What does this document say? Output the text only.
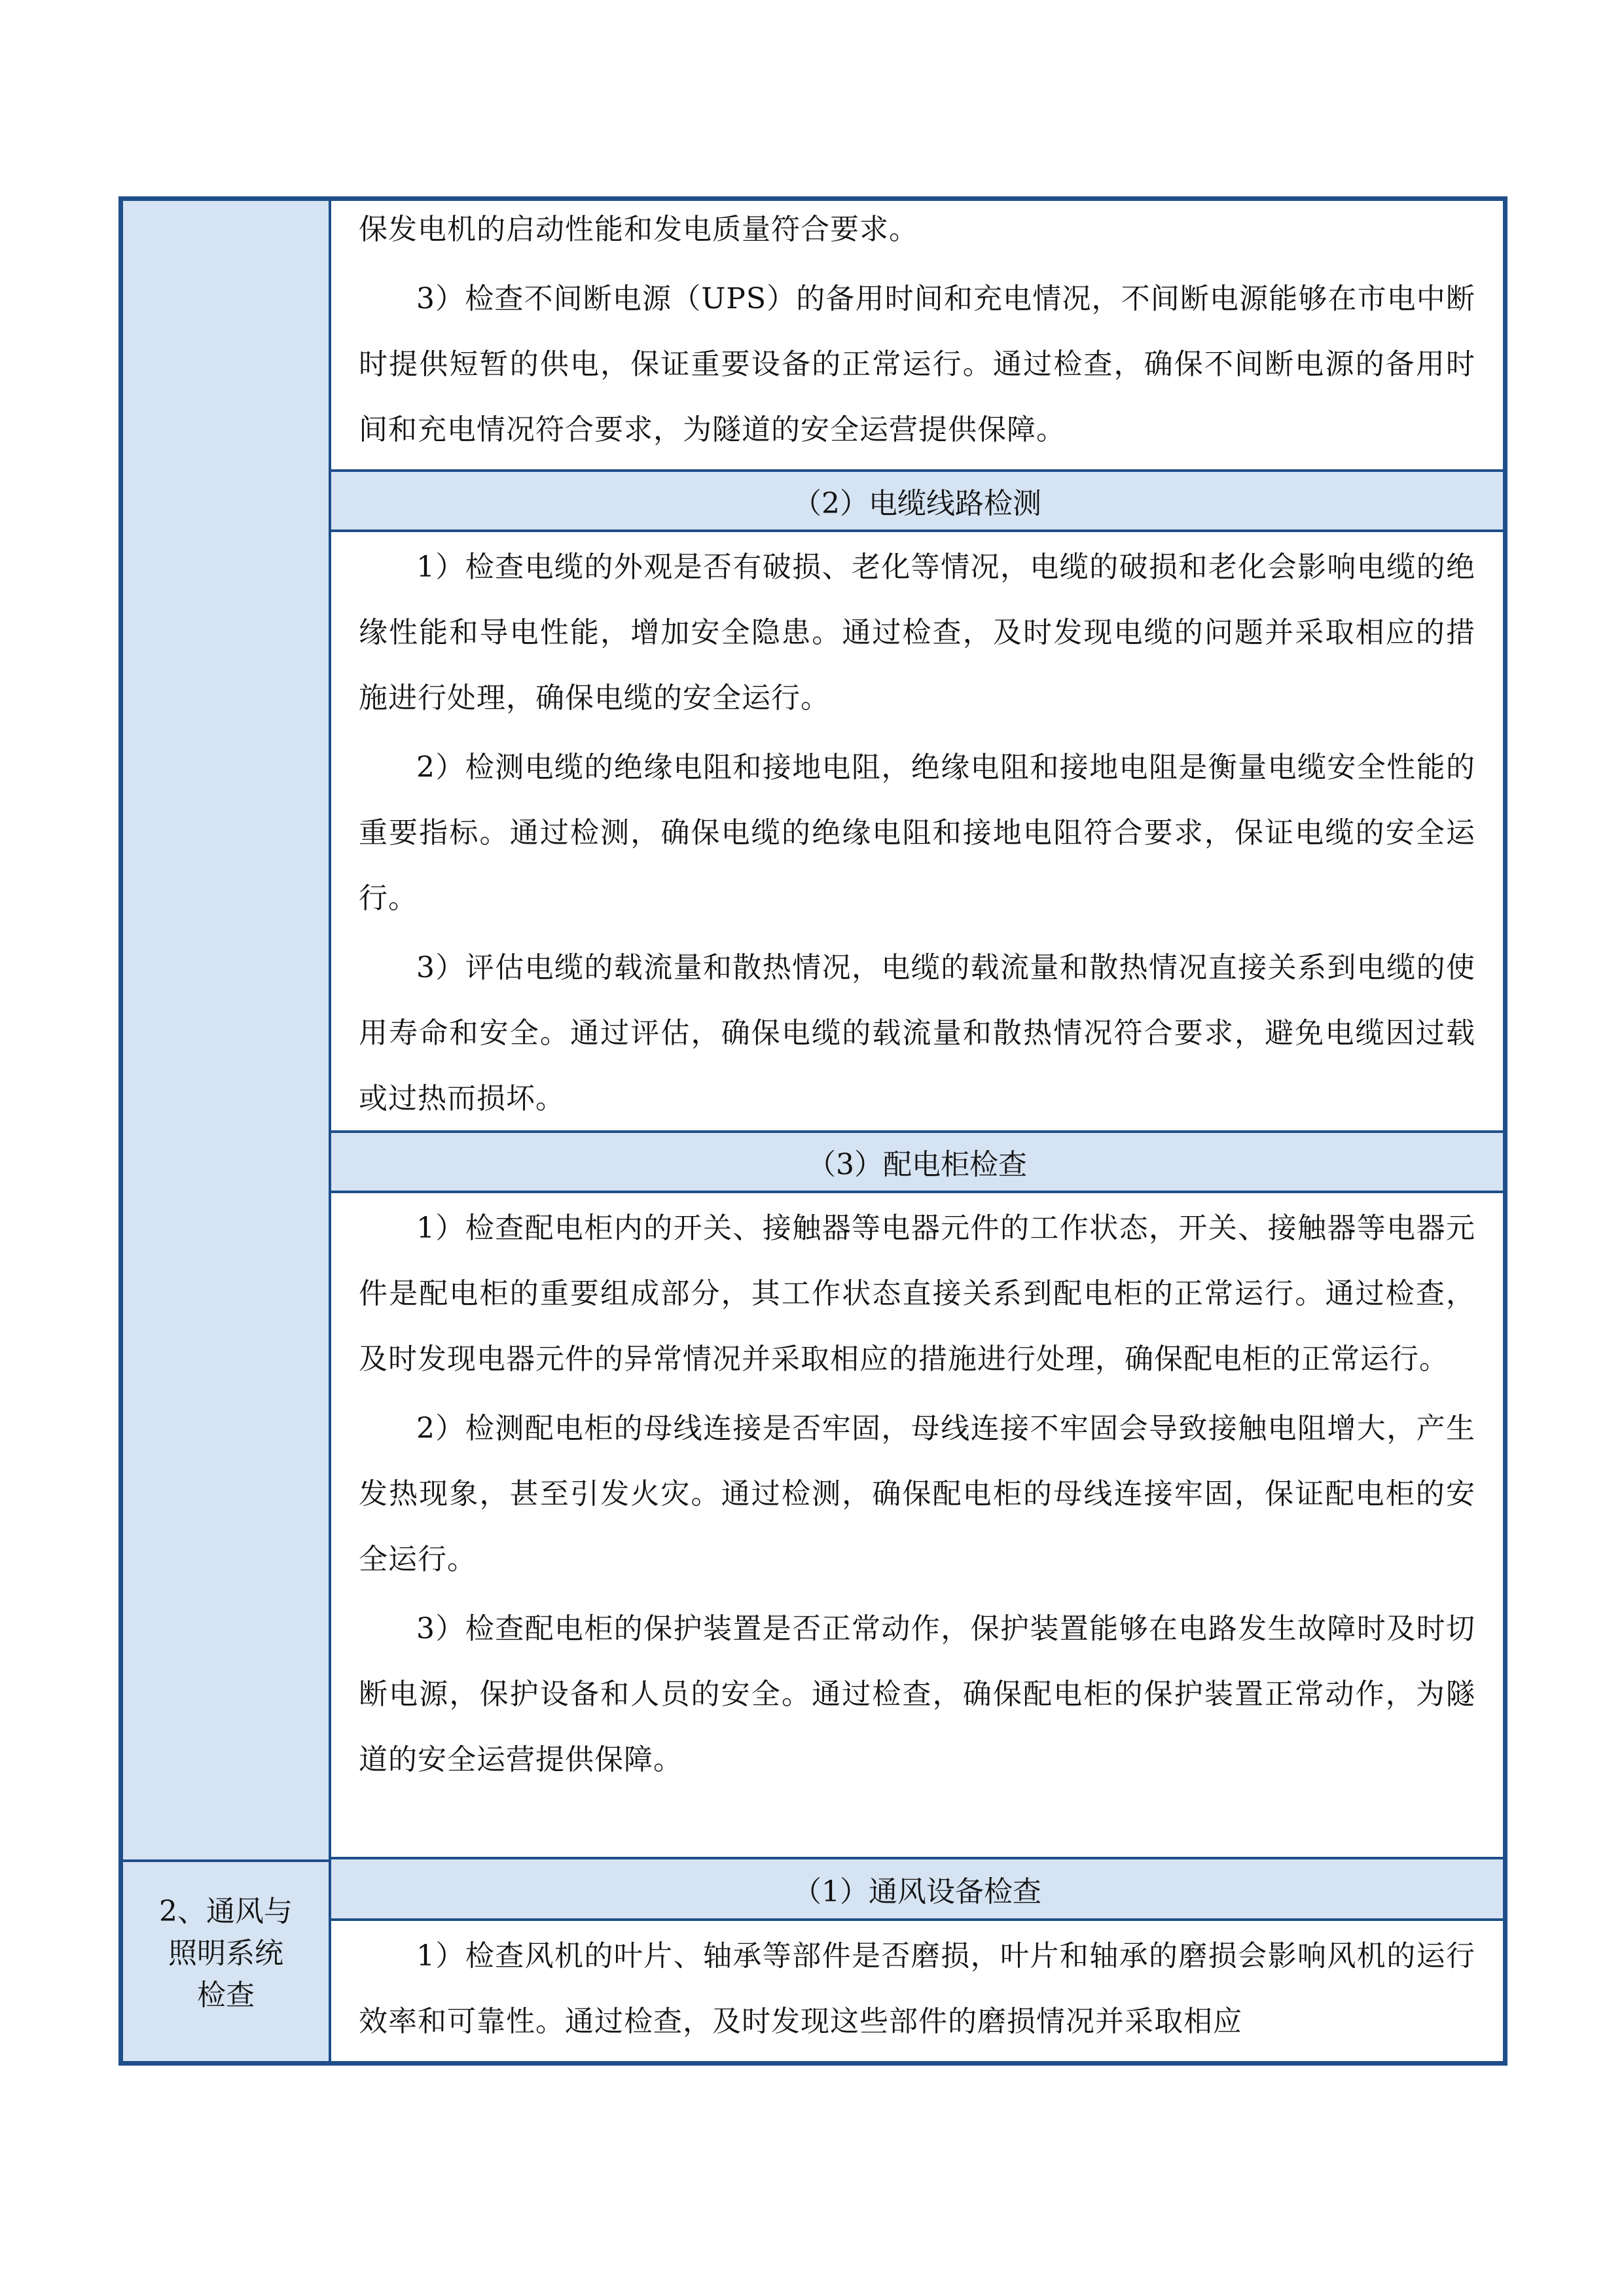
2、通风与
照明系统
检查

保发电机的启动性能和发电质量符合要求。

3）检查不间断电源（UPS）的备用时间和充电情况，不间断电源能够在市电中断时提供短暂的供电，保证重要设备的正常运行。通过检查，确保不间断电源的备用时间和充电情况符合要求，为隧道的安全运营提供保障。

（2）电缆线路检测

1）检查电缆的外观是否有破损、老化等情况，电缆的破损和老化会影响电缆的绝缘性能和导电性能，增加安全隐患。通过检查，及时发现电缆的问题并采取相应的措施进行处理，确保电缆的安全运行。

2）检测电缆的绝缘电阻和接地电阻，绝缘电阻和接地电阻是衡量电缆安全性能的重要指标。通过检测，确保电缆的绝缘电阻和接地电阻符合要求，保证电缆的安全运行。

3）评估电缆的载流量和散热情况，电缆的载流量和散热情况直接关系到电缆的使用寿命和安全。通过评估，确保电缆的载流量和散热情况符合要求，避免电缆因过载或过热而损坏。

（3）配电柜检查

1）检查配电柜内的开关、接触器等电器元件的工作状态，开关、接触器等电器元件是配电柜的重要组成部分，其工作状态直接关系到配电柜的正常运行。通过检查，及时发现电器元件的异常情况并采取相应的措施进行处理，确保配电柜的正常运行。

2）检测配电柜的母线连接是否牢固，母线连接不牢固会导致接触电阻增大，产生发热现象，甚至引发火灾。通过检测，确保配电柜的母线连接牢固，保证配电柜的安全运行。

3）检查配电柜的保护装置是否正常动作，保护装置能够在电路发生故障时及时切断电源，保护设备和人员的安全。通过检查，确保配电柜的保护装置正常动作，为隧道的安全运营提供保障。

（1）通风设备检查

1）检查风机的叶片、轴承等部件是否磨损，叶片和轴承的磨损会影响风机的运行效率和可靠性。通过检查，及时发现这些部件的磨损情况并采取相应
